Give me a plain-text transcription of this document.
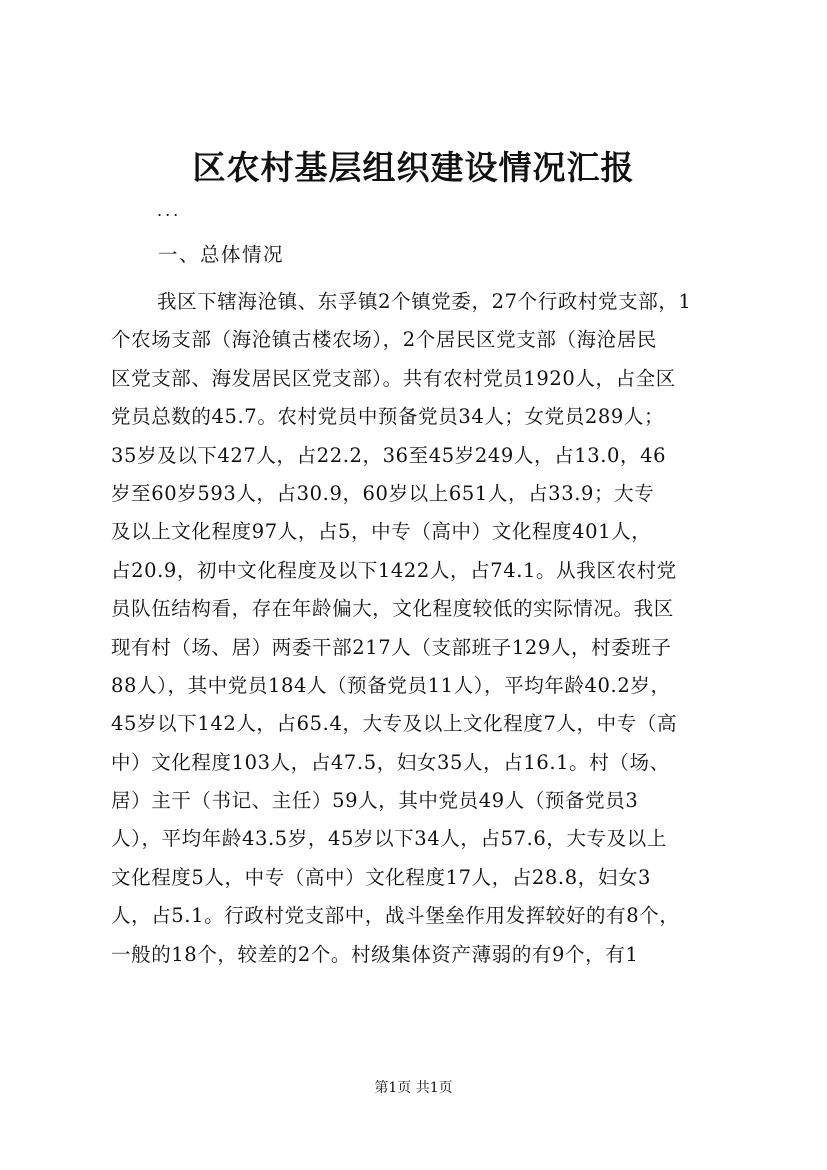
区农村基层组织建设情况汇报
...
一、总体情况
我区下辖海沧镇、东孚镇2个镇党委，27个行政村党支部，1
个农场支部（海沧镇古楼农场），2个居民区党支部（海沧居民
区党支部、海发居民区党支部）。共有农村党员1920人，占全区
党员总数的45.7。农村党员中预备党员34人；女党员289人；
35岁及以下427人，占22.2，36至45岁249人，占13.0，46
岁至60岁593人，占30.9，60岁以上651人，占33.9；大专
及以上文化程度97人，占5，中专（高中）文化程度401人，
占20.9，初中文化程度及以下1422人，占74.1。从我区农村党
员队伍结构看，存在年龄偏大，文化程度较低的实际情况。我区
现有村（场、居）两委干部217人（支部班子129人，村委班子
88人），其中党员184人（预备党员11人），平均年龄40.2岁，
45岁以下142人，占65.4，大专及以上文化程度7人，中专（高
中）文化程度103人，占47.5，妇女35人，占16.1。村（场、
居）主干（书记、主任）59人，其中党员49人（预备党员3
人），平均年龄43.5岁，45岁以下34人，占57.6，大专及以上
文化程度5人，中专（高中）文化程度17人，占28.8，妇女3
人，占5.1。行政村党支部中，战斗堡垒作用发挥较好的有8个，
一般的18个，较差的2个。村级集体资产薄弱的有9个，有1
第1页 共1页
